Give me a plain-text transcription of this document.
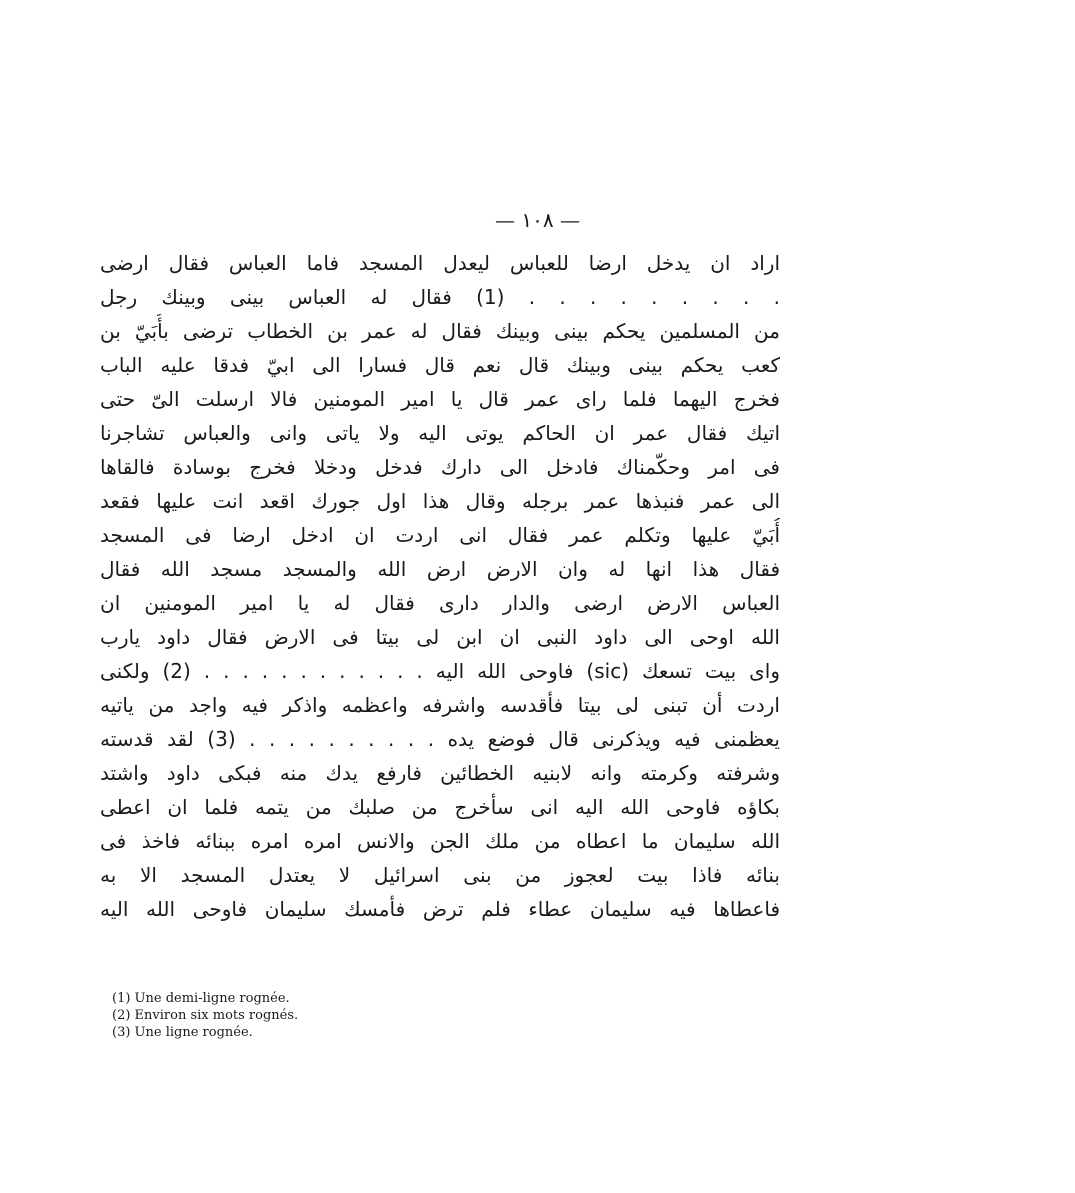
— ١٠٨ —
اراد ان يدخل ارضا للعباس ليعدل المسجد فاما العباس فقال ارضى
. . . . . . . . . (1) فقال له العباس بينى وبينك رجل
من المسلمين يحكم بينى وبينك فقال له عمر بن الخطاب ترضى بأُبَيّ بن
كعب يحكم بينى وبينك قال نعم قال فسارا الى ابيّ فدقا عليه الباب
فخرج اليهما فلما راى عمر قال يا امير المومنين فالا ارسلت الىّ حتى
اتيك فقال عمر ان الحاكم يوتى اليه ولا ياتى وانى والعباس تشاجرنا
فى امر وحكّمناك فادخل الى دارك فدخل ودخلا فخرج بوسادة فالقاها
الى عمر فنبذها عمر برجله وقال هذا اول جورك اقعد انت عليها فقعد
أُبَيّ عليها وتكلم عمر فقال انى اردت ان ادخل ارضا فى المسجد
فقال هذا انها له وان الارض ارض الله والمسجد مسجد الله فقال
العباس الارض ارضى والدار دارى فقال له يا امير المومنين ان
الله اوحى الى داود النبى ان ابن لى بيتا فى الارض فقال داود يارب
واى بيت تسعك (sic) فاوحى الله اليه . . . . . . . . . . . . (2) ولكنى
اردت أن تبنى لى بيتا فأقدسه واشرفه واعظمه واذكر فيه واجد من ياتيه
يعظمنى فيه ويذكرنى قال فوضع يده . . . . . . . . . . (3) لقد قدسته
وشرفته وكرمته وانه لابنيه الخطائين فارفع يدك منه فبكى داود واشتد
بكاؤه فاوحى الله اليه انى سأخرج من صلبك من يتمه فلما ان اعطى
الله سليمان ما اعطاه من ملك الجن والانس امره امره ببنائه فاخذ فى
بنائه فاذا بيت لعجوز من بنى اسرائيل لا يعتدل المسجد الا به
فاعطاها فيه سليمان عطاء فلم ترض فأمسك سليمان فاوحى الله اليه
(1) Une demi-ligne rognée.
(2) Environ six mots rognés.
(3) Une ligne rognée.
